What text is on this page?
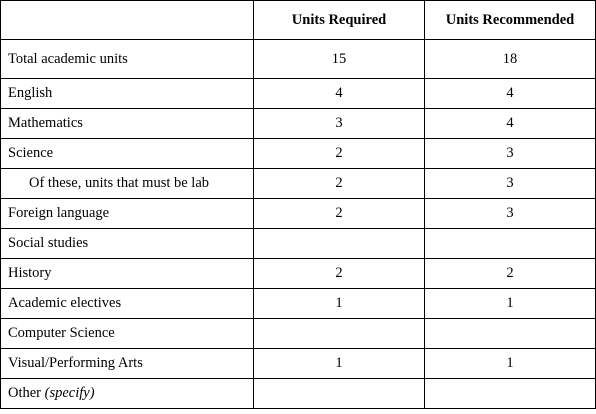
	Units Required	Units Recommended
Total academic units	15	18
English	4	4
Mathematics	3	4
Science	2	3
Of these, units that must be lab	2	3
Foreign language	2	3
Social studies		
History	2	2
Academic electives	1	1
Computer Science		
Visual/Performing Arts	1	1
Other (specify)		
